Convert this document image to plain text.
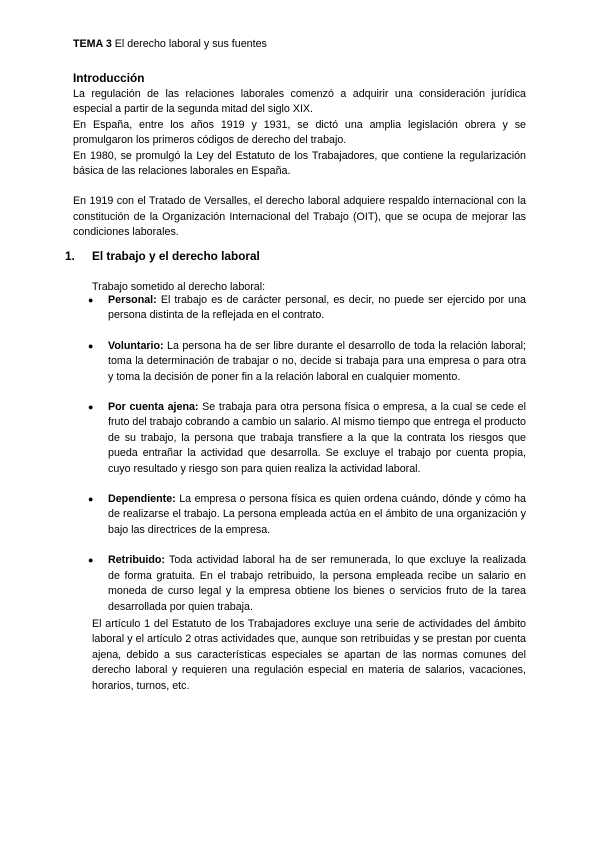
TEMA 3 El derecho laboral y sus fuentes
Introducción

La regulación de las relaciones laborales comenzó a adquirir una consideración jurídica especial a partir de la segunda mitad del siglo XIX.

En España, entre los años 1919 y 1931, se dictó una amplia legislación obrera y se promulgaron los primeros códigos de derecho del trabajo.

En 1980, se promulgó la Ley del Estatuto de los Trabajadores, que contiene la regularización básica de las relaciones laborales en España.

En 1919 con el Tratado de Versalles, el derecho laboral adquiere respaldo internacional con la constitución de la Organización Internacional del Trabajo (OIT), que se ocupa de mejorar las condiciones laborales.

1. El trabajo y el derecho laboral
Trabajo sometido al derecho laboral:
● Personal: El trabajo es de carácter personal, es decir, no puede ser ejercido por una persona distinta de la reflejada en el contrato.
● Voluntario: La persona ha de ser libre durante el desarrollo de toda la relación laboral; toma la determinación de trabajar o no, decide si trabaja para una empresa o para otra y toma la decisión de poner fin a la relación laboral en cualquier momento.
● Por cuenta ajena: Se trabaja para otra persona física o empresa, a la cual se cede el fruto del trabajo cobrando a cambio un salario. Al mismo tiempo que entrega el producto de su trabajo, la persona que trabaja transfiere a la que la contrata los riesgos que pueda entrañar la actividad que desarrolla. Se excluye el trabajo por cuenta propia, cuyo resultado y riesgo son para quien realiza la actividad laboral.
● Dependiente: La empresa o persona física es quien ordena cuándo, dónde y cómo ha de realizarse el trabajo. La persona empleada actúa en el ámbito de una organización y bajo las directrices de la empresa.
● Retribuido: Toda actividad laboral ha de ser remunerada, lo que excluye la realizada de forma gratuita. En el trabajo retribuido, la persona empleada recibe un salario en moneda de curso legal y la empresa obtiene los bienes o servicios fruto de la tarea desarrollada por quien trabaja.

El artículo 1 del Estatuto de los Trabajadores excluye una serie de actividades del ámbito laboral y el artículo 2 otras actividades que, aunque son retribuidas y se prestan por cuenta ajena, debido a sus características especiales se apartan de las normas comunes del derecho laboral y requieren una regulación especial en materia de salarios, vacaciones, horarios, turnos, etc.
